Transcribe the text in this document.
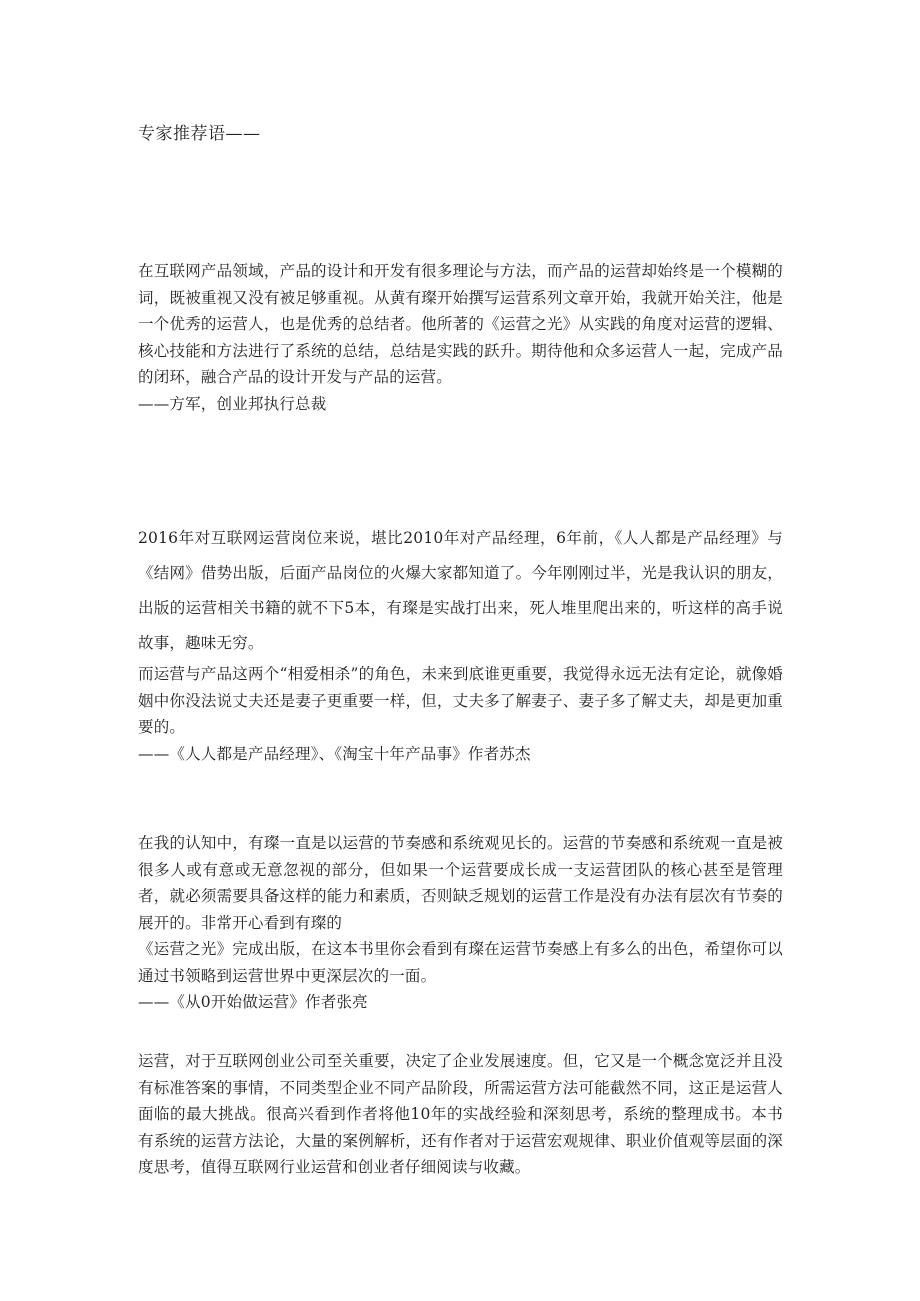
专家推荐语——

在互联网产品领域，产品的设计和开发有很多理论与方法，而产品的运营却始终是一个模糊的词，既被重视又没有被足够重视。从黄有璨开始撰写运营系列文章开始，我就开始关注，他是一个优秀的运营人，也是优秀的总结者。他所著的《运营之光》从实践的角度对运营的逻辑、核心技能和方法进行了系统的总结，总结是实践的跃升。期待他和众多运营人一起，完成产品的闭环，融合产品的设计开发与产品的运营。

——方军，创业邦执行总裁

2016年对互联网运营岗位来说，堪比2010年对产品经理，6年前，《人人都是产品经理》与《结网》借势出版，后面产品岗位的火爆大家都知道了。今年刚刚过半，光是我认识的朋友，出版的运营相关书籍的就不下5本，有璨是实战打出来，死人堆里爬出来的，听这样的高手说故事，趣味无穷。

而运营与产品这两个“相爱相杀”的角色，未来到底谁更重要，我觉得永远无法有定论，就像婚姻中你没法说丈夫还是妻子更重要一样，但，丈夫多了解妻子、妻子多了解丈夫，却是更加重要的。

——《人人都是产品经理》、《淘宝十年产品事》作者苏杰

在我的认知中，有璨一直是以运营的节奏感和系统观见长的。运营的节奏感和系统观一直是被很多人或有意或无意忽视的部分，但如果一个运营要成长成一支运营团队的核心甚至是管理者，就必须需要具备这样的能力和素质，否则缺乏规划的运营工作是没有办法有层次有节奏的展开的。非常开心看到有璨的

《运营之光》完成出版，在这本书里你会看到有璨在运营节奏感上有多么的出色，希望你可以通过书领略到运营世界中更深层次的一面。

——《从0开始做运营》作者张亮

运营，对于互联网创业公司至关重要，决定了企业发展速度。但，它又是一个概念宽泛并且没有标准答案的事情，不同类型企业不同产品阶段，所需运营方法可能截然不同，这正是运营人面临的最大挑战。很高兴看到作者将他10年的实战经验和深刻思考，系统的整理成书。本书有系统的运营方法论，大量的案例解析，还有作者对于运营宏观规律、职业价值观等层面的深度思考，值得互联网行业运营和创业者仔细阅读与收藏。
